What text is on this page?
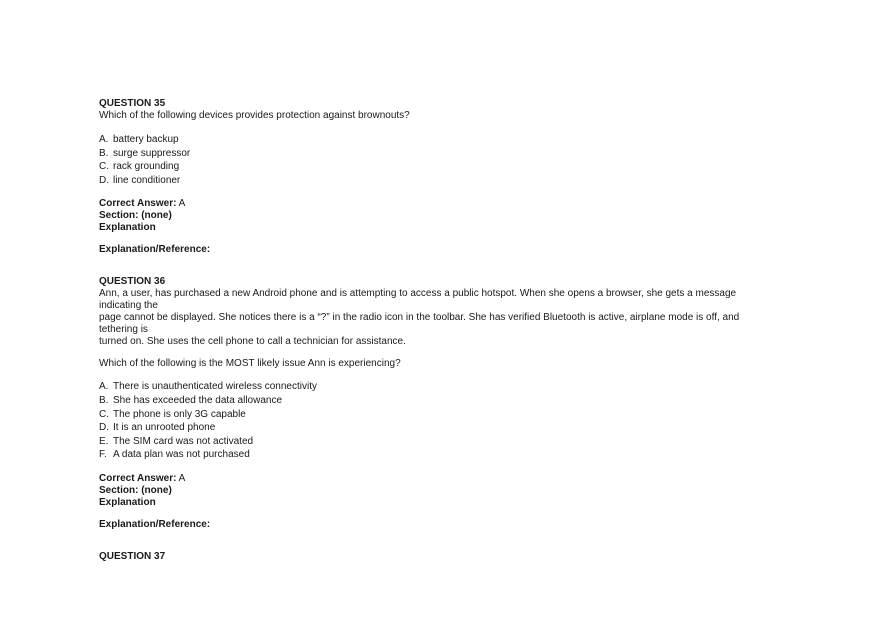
QUESTION 35

Which of the following devices provides protection against brownouts?

A. battery backup
B. surge suppressor
C. rack grounding
D. line conditioner

Correct Answer: A

Section: (none)

Explanation

Explanation/Reference:

QUESTION 36

Ann, a user, has purchased a new Android phone and is attempting to access a public hotspot. When she opens a browser, she gets a message indicating the

page cannot be displayed. She notices there is a “?” in the radio icon in the toolbar. She has verified Bluetooth is active, airplane mode is off, and tethering is

turned on. She uses the cell phone to call a technician for assistance.

Which of the following is the MOST likely issue Ann is experiencing?

A. There is unauthenticated wireless connectivity
B. She has exceeded the data allowance
C. The phone is only 3G capable
D. It is an unrooted phone
E. The SIM card was not activated
F. A data plan was not purchased

Correct Answer: A

Section: (none)

Explanation

Explanation/Reference:

QUESTION 37
